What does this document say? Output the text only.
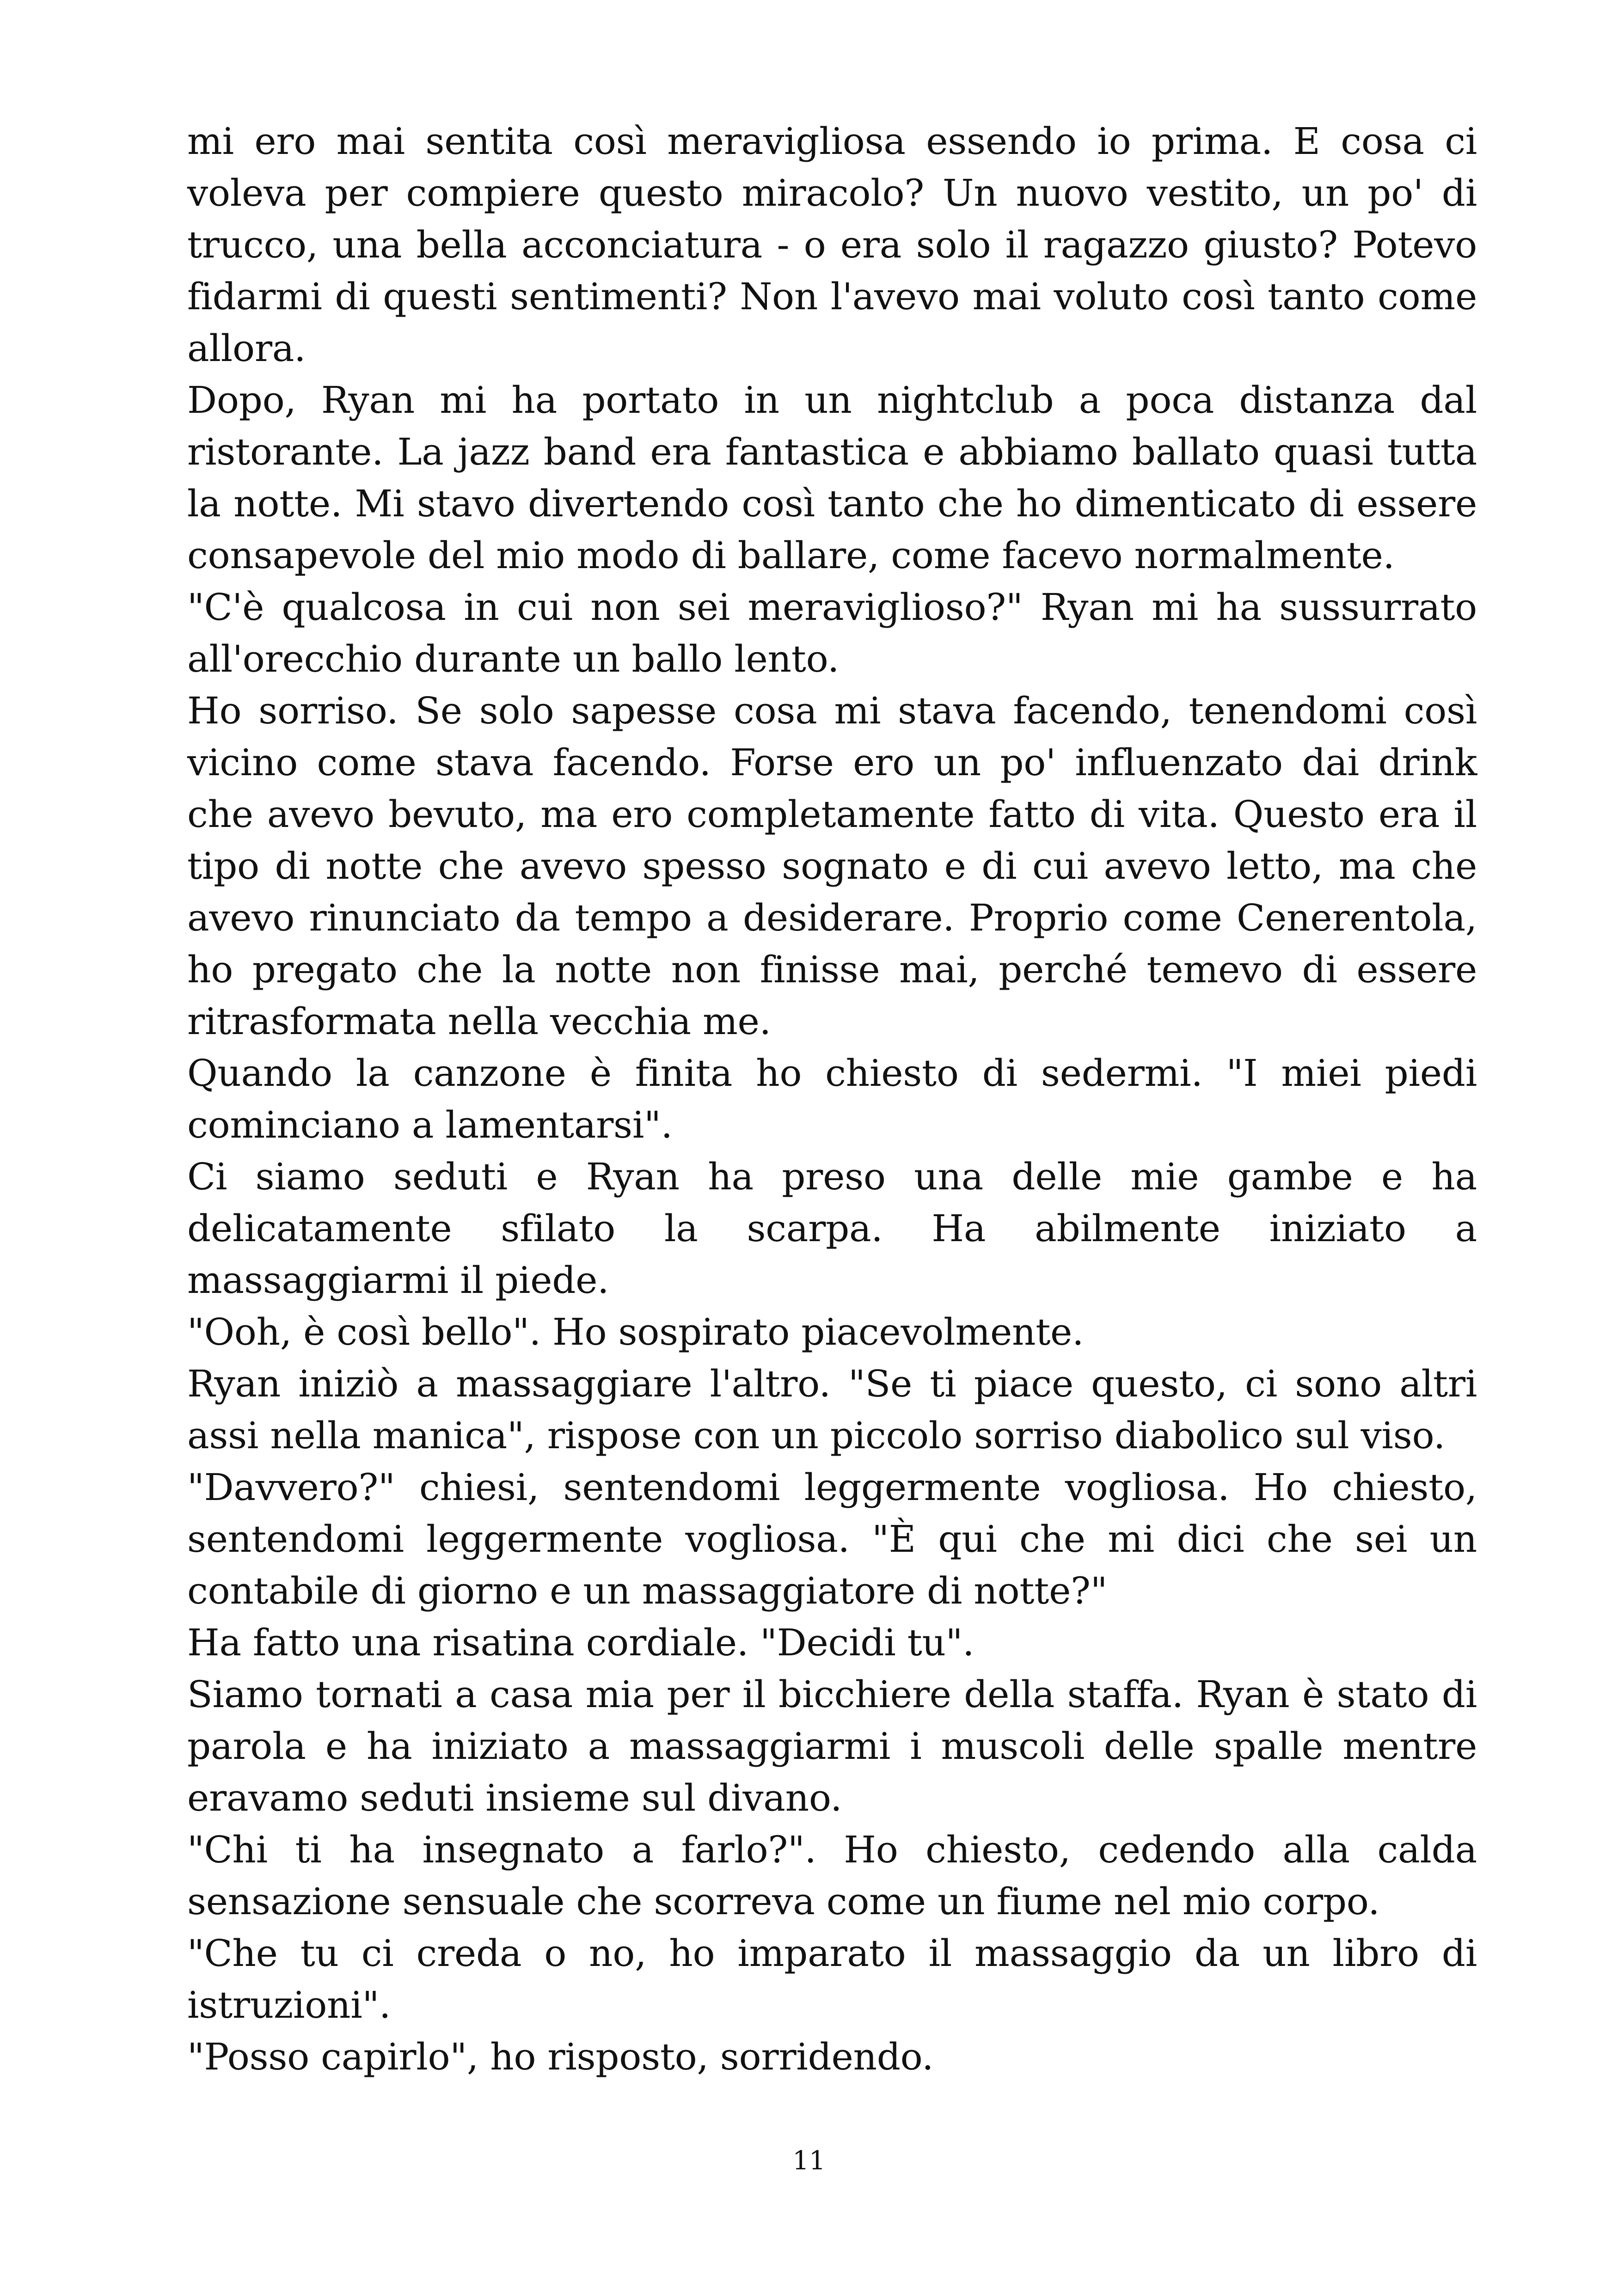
mi ero mai sentita così meravigliosa essendo io prima. E cosa ci voleva per compiere questo miracolo? Un nuovo vestito, un po' di trucco, una bella acconciatura - o era solo il ragazzo giusto? Potevo fidarmi di questi sentimenti? Non l'avevo mai voluto così tanto come allora.

Dopo, Ryan mi ha portato in un nightclub a poca distanza dal ristorante. La jazz band era fantastica e abbiamo ballato quasi tutta la notte. Mi stavo divertendo così tanto che ho dimenticato di essere consapevole del mio modo di ballare, come facevo normalmente.

"C'è qualcosa in cui non sei meraviglioso?" Ryan mi ha sussurrato all'orecchio durante un ballo lento.

Ho sorriso. Se solo sapesse cosa mi stava facendo, tenendomi così vicino come stava facendo. Forse ero un po' influenzato dai drink che avevo bevuto, ma ero completamente fatto di vita. Questo era il tipo di notte che avevo spesso sognato e di cui avevo letto, ma che avevo rinunciato da tempo a desiderare. Proprio come Cenerentola, ho pregato che la notte non finisse mai, perché temevo di essere ritrasformata nella vecchia me.

Quando la canzone è finita ho chiesto di sedermi. "I miei piedi cominciano a lamentarsi".

Ci siamo seduti e Ryan ha preso una delle mie gambe e ha delicatamente sfilato la scarpa. Ha abilmente iniziato a massaggiarmi il piede.

"Ooh, è così bello". Ho sospirato piacevolmente.

Ryan iniziò a massaggiare l'altro. "Se ti piace questo, ci sono altri assi nella manica", rispose con un piccolo sorriso diabolico sul viso.

"Davvero?" chiesi, sentendomi leggermente vogliosa. Ho chiesto, sentendomi leggermente vogliosa. "È qui che mi dici che sei un contabile di giorno e un massaggiatore di notte?"

Ha fatto una risatina cordiale. "Decidi tu".

Siamo tornati a casa mia per il bicchiere della staffa. Ryan è stato di parola e ha iniziato a massaggiarmi i muscoli delle spalle mentre eravamo seduti insieme sul divano.

"Chi ti ha insegnato a farlo?". Ho chiesto, cedendo alla calda sensazione sensuale che scorreva come un fiume nel mio corpo.

"Che tu ci creda o no, ho imparato il massaggio da un libro di istruzioni".

"Posso capirlo", ho risposto, sorridendo.

11
